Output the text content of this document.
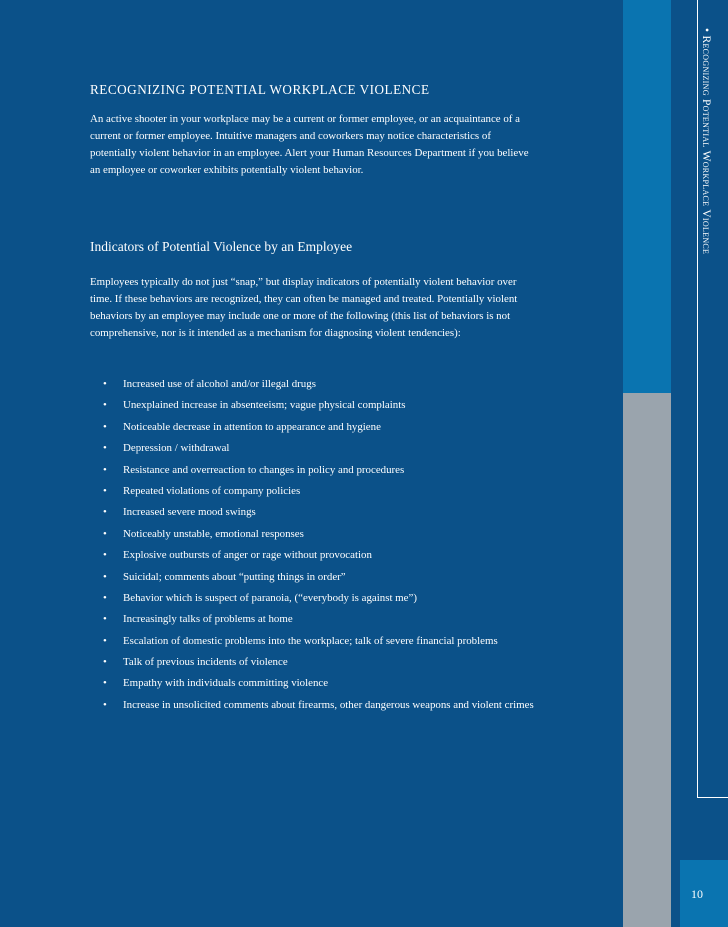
• Recognizing Potential Workplace Violence
RECOGNIZING POTENTIAL WORKPLACE VIOLENCE

An active shooter in your workplace may be a current or former employee, or an acquaintance of a current or former employee. Intuitive managers and coworkers may notice characteristics of potentially violent behavior in an employee. Alert your Human Resources Department if you believe an employee or coworker exhibits potentially violent behavior.

Indicators of Potential Violence by an Employee

Employees typically do not just “snap,” but display indicators of potentially violent behavior over time. If these behaviors are recognized, they can often be managed and treated. Potentially violent behaviors by an employee may include one or more of the following (this list of behaviors is not comprehensive, nor is it intended as a mechanism for diagnosing violent tendencies):

• Increased use of alcohol and/or illegal drugs
• Unexplained increase in absenteeism; vague physical complaints
• Noticeable decrease in attention to appearance and hygiene
• Depression / withdrawal
• Resistance and overreaction to changes in policy and procedures
• Repeated violations of company policies
• Increased severe mood swings
• Noticeably unstable, emotional responses
• Explosive outbursts of anger or rage without provocation
• Suicidal; comments about “putting things in order”
• Behavior which is suspect of paranoia, (“everybody is against me”)
• Increasingly talks of problems at home
• Escalation of domestic problems into the workplace; talk of severe financial problems
• Talk of previous incidents of violence
• Empathy with individuals committing violence
• Increase in unsolicited comments about firearms, other dangerous weapons and violent crimes
10
